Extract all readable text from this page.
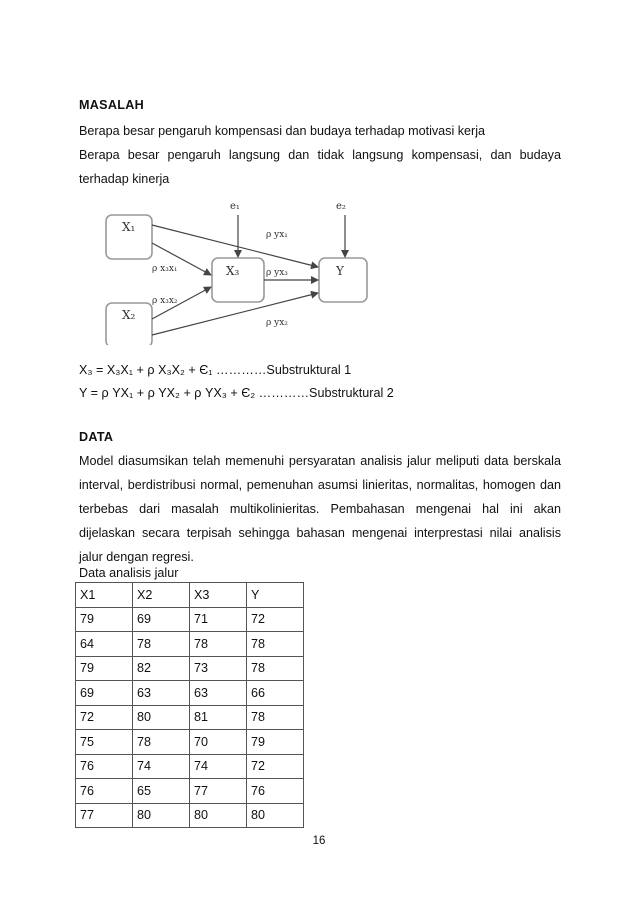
MASALAH
Berapa besar pengaruh kompensasi dan budaya terhadap motivasi kerja
Berapa besar pengaruh langsung dan tidak langsung kompensasi, dan budaya
terhadap kinerja
X₁
X₂
X₃	Y
e₁	e₂
ρ x₃x₁
ρ x₃x₂
ρ yx₁
ρ yx₃
ρ yx₂
X₃ = X₃X₁ + ρ X₃X₂ + Є₁ …………Substruktural 1
Y = ρ YX₁ + ρ YX₂ + ρ YX₃ + Є₂ …………Substruktural 2
DATA
Model diasumsikan telah memenuhi persyaratan analisis jalur meliputi data berskala
interval, berdistribusi normal, pemenuhan asumsi linieritas, normalitas, homogen dan
terbebas dari masalah multikolinieritas. Pembahasan mengenai hal ini akan
dijelaskan secara terpisah sehingga bahasan mengenai interprestasi nilai analisis
jalur dengan regresi.
Data analisis jalur
X1	X2	X3	Y
79	69	71	72
64	78	78	78
79	82	73	78
69	63	63	66
72	80	81	78
75	78	70	79
76	74	74	72
76	65	77	76
77	80	80	80
16
